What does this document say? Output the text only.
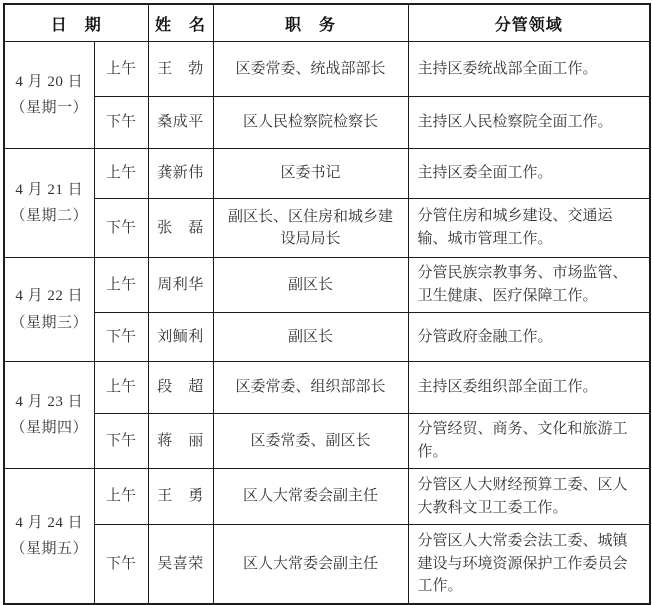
日　期		姓　名	职　务	分管领域

4 月 20 日
（星期一）	上午	王　勃	区委常委、统战部部长	主持区委统战部全面工作。
	下午	桑成平	区人民检察院检察长	主持区人民检察院全面工作。

4 月 21 日
（星期二）	上午	龚新伟	区委书记	主持区委全面工作。
	下午	张　磊	副区长、区住房和城乡建设局局长	分管住房和城乡建设、交通运输、城市管理工作。

4 月 22 日
（星期三）	上午	周利华	副区长	分管民族宗教事务、市场监管、卫生健康、医疗保障工作。
	下午	刘鲕利	副区长	分管政府金融工作。

4 月 23 日
（星期四）	上午	段　超	区委常委、组织部部长	主持区委组织部全面工作。
	下午	蒋　丽	区委常委、副区长	分管经贸、商务、文化和旅游工作。

4 月 24 日
（星期五）	上午	王　勇	区人大常委会副主任	分管区人大财经预算工委、区人大教科文卫工委工作。
	下午	吴喜荣	区人大常委会副主任	分管区人大常委会法工委、城镇建设与环境资源保护工作委员会工作。
